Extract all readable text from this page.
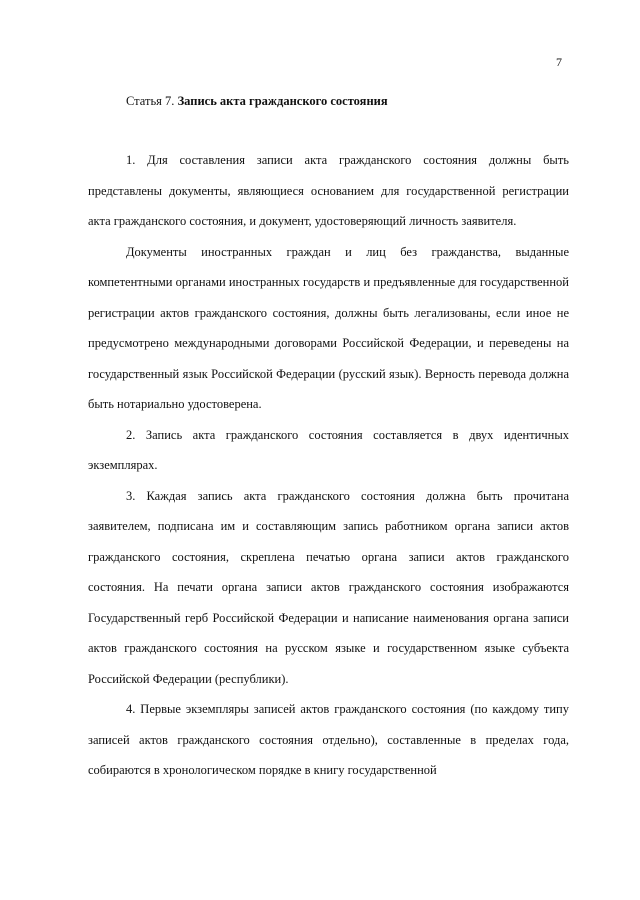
7
Статья 7. Запись акта гражданского состояния

1. Для составления записи акта гражданского состояния должны быть представлены документы, являющиеся основанием для государственной регистрации акта гражданского состояния, и документ, удостоверяющий личность заявителя.

Документы иностранных граждан и лиц без гражданства, выданные компетентными органами иностранных государств и предъявленные для государственной регистрации актов гражданского состояния, должны быть легализованы, если иное не предусмотрено международными договорами Российской Федерации, и переведены на государственный язык Российской Федерации (русский язык). Верность перевода должна быть нотариально удостоверена.

2. Запись акта гражданского состояния составляется в двух идентичных экземплярах.

3. Каждая запись акта гражданского состояния должна быть прочитана заявителем, подписана им и составляющим запись работником органа записи актов гражданского состояния, скреплена печатью органа записи актов гражданского состояния. На печати органа записи актов гражданского состояния изображаются Государственный герб Российской Федерации и написание наименования органа записи актов гражданского состояния на русском языке и государственном языке субъекта Российской Федерации (республики).

4. Первые экземпляры записей актов гражданского состояния (по каждому типу записей актов гражданского состояния отдельно), составленные в пределах года, собираются в хронологическом порядке в книгу государственной
